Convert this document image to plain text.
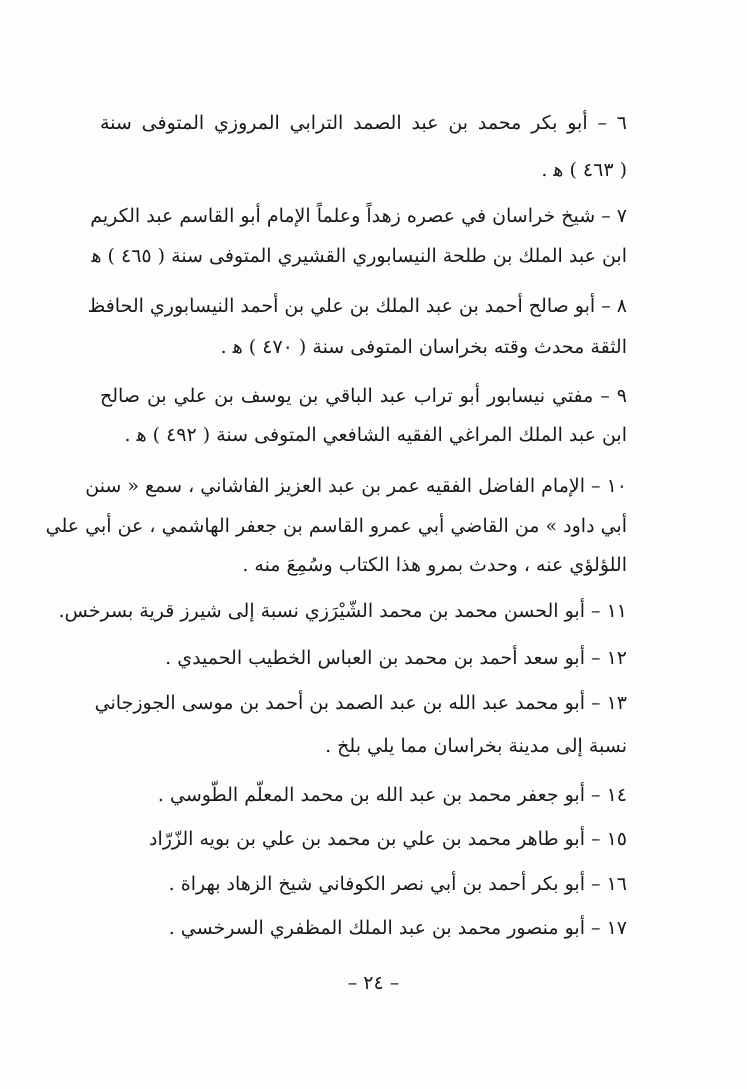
٦ – أبو بكر محمد بن عبد الصمد الترابي المروزي المتوفى سنة
( ٤٦٣ ) ﻫ .
٧ – شيخ خراسان في عصره زهداً وعلماً الإمام أبو القاسم عبد الكريم
ابن عبد الملك بن طلحة النيسابوري القشيري المتوفى سنة ( ٤٦٥ ) ﻫ
٨ – أبو صالح أحمد بن عبد الملك بن علي بن أحمد النيسابوري الحافظ
الثقة محدث وقته بخراسان المتوفى سنة ( ٤٧٠ ) ﻫ .
٩ – مفتي نيسابور أبو تراب عبد الباقي بن يوسف بن علي بن صالح
ابن عبد الملك المراغي الفقيه الشافعي المتوفى سنة ( ٤٩٢ ) ﻫ .
١٠ – الإمام الفاضل الفقيه عمر بن عبد العزيز الفاشاني ، سمع « سنن
أبي داود » من القاضي أبي عمرو القاسم بن جعفر الهاشمي ، عن أبي علي
اللؤلؤي عنه ، وحدث بمرو هذا الكتاب وسُمِعَ منه .
١١ – أبو الحسن محمد بن محمد الشّيْرَزي نسبة إلى شيرز قرية بسرخس.
١٢ – أبو سعد أحمد بن محمد بن العباس الخطيب الحميدي .
١٣ – أبو محمد عبد الله بن عبد الصمد بن أحمد بن موسى الجوزجاني
نسبة إلى مدينة بخراسان مما يلي بلخ .
١٤ – أبو جعفر محمد بن عبد الله بن محمد المعلّم الطّوسي .
١٥ – أبو طاهر محمد بن علي بن محمد بن علي بن بويه الزّرّاد
١٦ – أبو بكر أحمد بن أبي نصر الكوفاني شيخ الزهاد بهراة .
١٧ – أبو منصور محمد بن عبد الملك المظفري السرخسي .
– ٢٤ –
